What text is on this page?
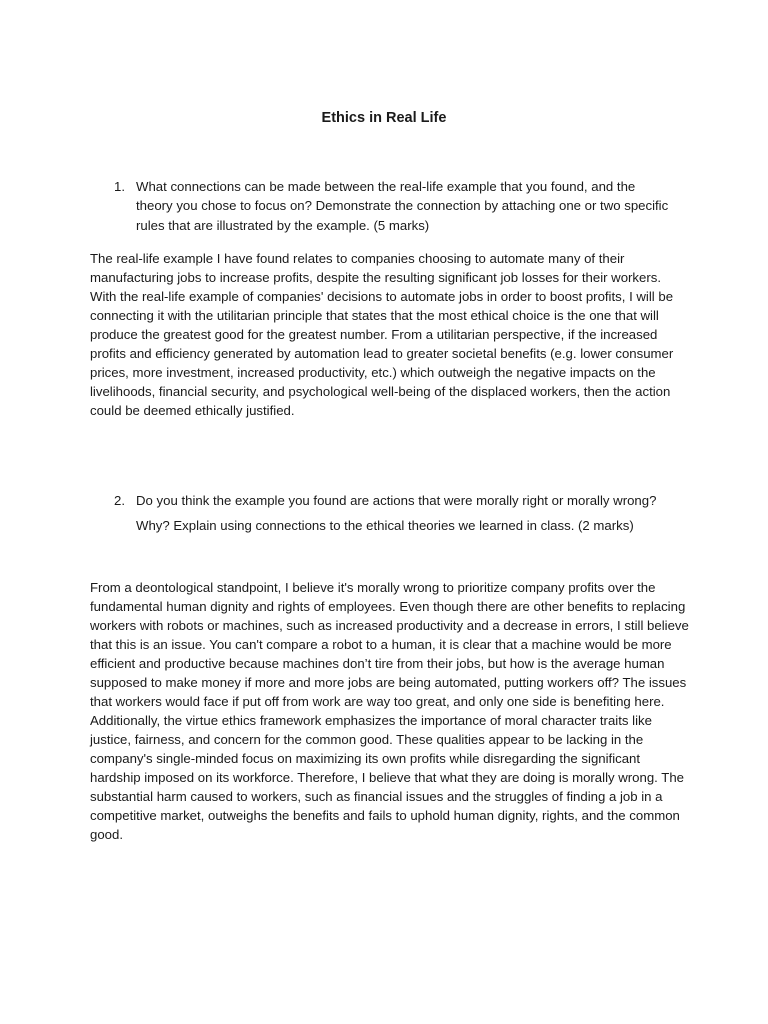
Ethics in Real Life
1. What connections can be made between the real-life example that you found, and the theory you chose to focus on? Demonstrate the connection by attaching one or two specific rules that are illustrated by the example. (5 marks)

The real-life example I have found relates to companies choosing to automate many of their manufacturing jobs to increase profits, despite the resulting significant job losses for their workers. With the real-life example of companies' decisions to automate jobs in order to boost profits, I will be connecting it with the utilitarian principle that states that the most ethical choice is the one that will produce the greatest good for the greatest number. From a utilitarian perspective, if the increased profits and efficiency generated by automation lead to greater societal benefits (e.g. lower consumer prices, more investment, increased productivity, etc.) which outweigh the negative impacts on the livelihoods, financial security, and psychological well-being of the displaced workers, then the action could be deemed ethically justified.

2. Do you think the example you found are actions that were morally right or morally wrong? Why? Explain using connections to the ethical theories we learned in class. (2 marks)

From a deontological standpoint, I believe it's morally wrong to prioritize company profits over the fundamental human dignity and rights of employees. Even though there are other benefits to replacing workers with robots or machines, such as increased productivity and a decrease in errors, I still believe that this is an issue. You can't compare a robot to a human, it is clear that a machine would be more efficient and productive because machines don’t tire from their jobs, but how is the average human supposed to make money if more and more jobs are being automated, putting workers off? The issues that workers would face if put off from work are way too great, and only one side is benefiting here. Additionally, the virtue ethics framework emphasizes the importance of moral character traits like justice, fairness, and concern for the common good. These qualities appear to be lacking in the company's single-minded focus on maximizing its own profits while disregarding the significant hardship imposed on its workforce. Therefore, I believe that what they are doing is morally wrong. The substantial harm caused to workers, such as financial issues and the struggles of finding a job in a competitive market, outweighs the benefits and fails to uphold human dignity, rights, and the common good.
